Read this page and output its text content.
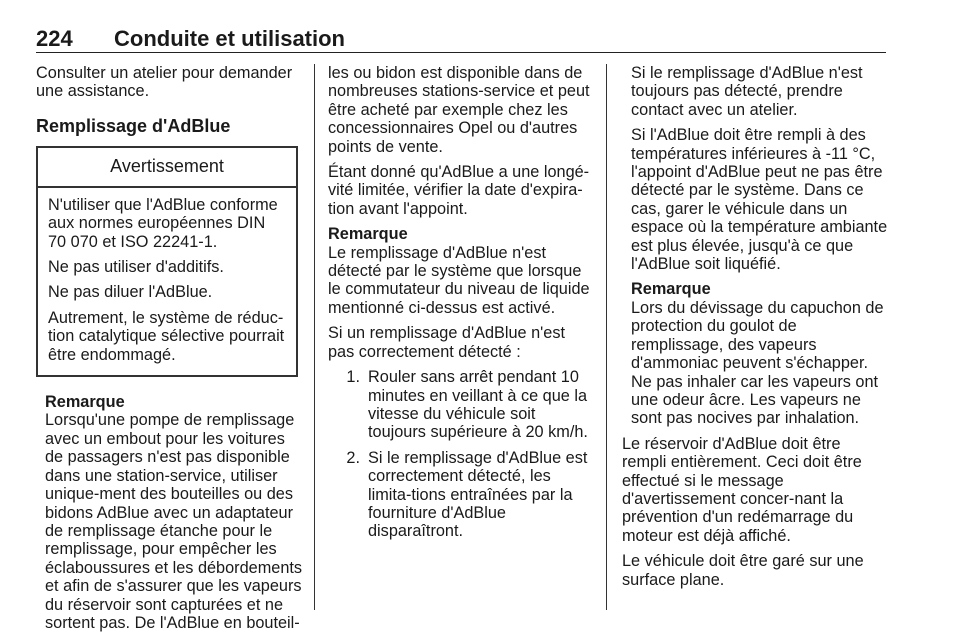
224 Conduite et utilisation

Consulter un atelier pour demander une assistance.

Remplissage d'AdBlue
Avertissement

N'utiliser que l'AdBlue conforme aux normes européennes DIN 70 070 et ISO 22241-1.

Ne pas utiliser d'additifs.

Ne pas diluer l'AdBlue.

Autrement, le système de réduc-tion catalytique sélective pourrait être endommagé.

Remarque
Lorsqu'une pompe de remplissage avec un embout pour les voitures de passagers n'est pas disponible dans une station-service, utiliser unique-ment des bouteilles ou des bidons AdBlue avec un adaptateur de remplissage étanche pour le remplissage, pour empêcher les éclaboussures et les débordements et afin de s'assurer que les vapeurs du réservoir sont capturées et ne sortent pas. De l'AdBlue en bouteil-

les ou bidon est disponible dans de nombreuses stations-service et peut être acheté par exemple chez les concessionnaires Opel ou d'autres points de vente.

Étant donné qu'AdBlue a une longé-vité limitée, vérifier la date d'expira-tion avant l'appoint.

Remarque
Le remplissage d'AdBlue n'est détecté par le système que lorsque le commutateur du niveau de liquide mentionné ci-dessus est activé.

Si un remplissage d'AdBlue n'est pas correctement détecté :

1. Rouler sans arrêt pendant 10 minutes en veillant à ce que la vitesse du véhicule soit toujours supérieure à 20 km/h.
2. Si le remplissage d'AdBlue est correctement détecté, les limita-tions entraînées par la fourniture d'AdBlue disparaîtront.

Si le remplissage d'AdBlue n'est toujours pas détecté, prendre contact avec un atelier.

Si l'AdBlue doit être rempli à des températures inférieures à -11 °C, l'appoint d'AdBlue peut ne pas être détecté par le système. Dans ce cas, garer le véhicule dans un espace où la température ambiante est plus élevée, jusqu'à ce que l'AdBlue soit liquéfié.

Remarque
Lors du dévissage du capuchon de protection du goulot de remplissage, des vapeurs d'ammoniac peuvent s'échapper. Ne pas inhaler car les vapeurs ont une odeur âcre. Les vapeurs ne sont pas nocives par inhalation.

Le réservoir d'AdBlue doit être rempli entièrement. Ceci doit être effectué si le message d'avertissement concer-nant la prévention d'un redémarrage du moteur est déjà affiché.

Le véhicule doit être garé sur une surface plane.
